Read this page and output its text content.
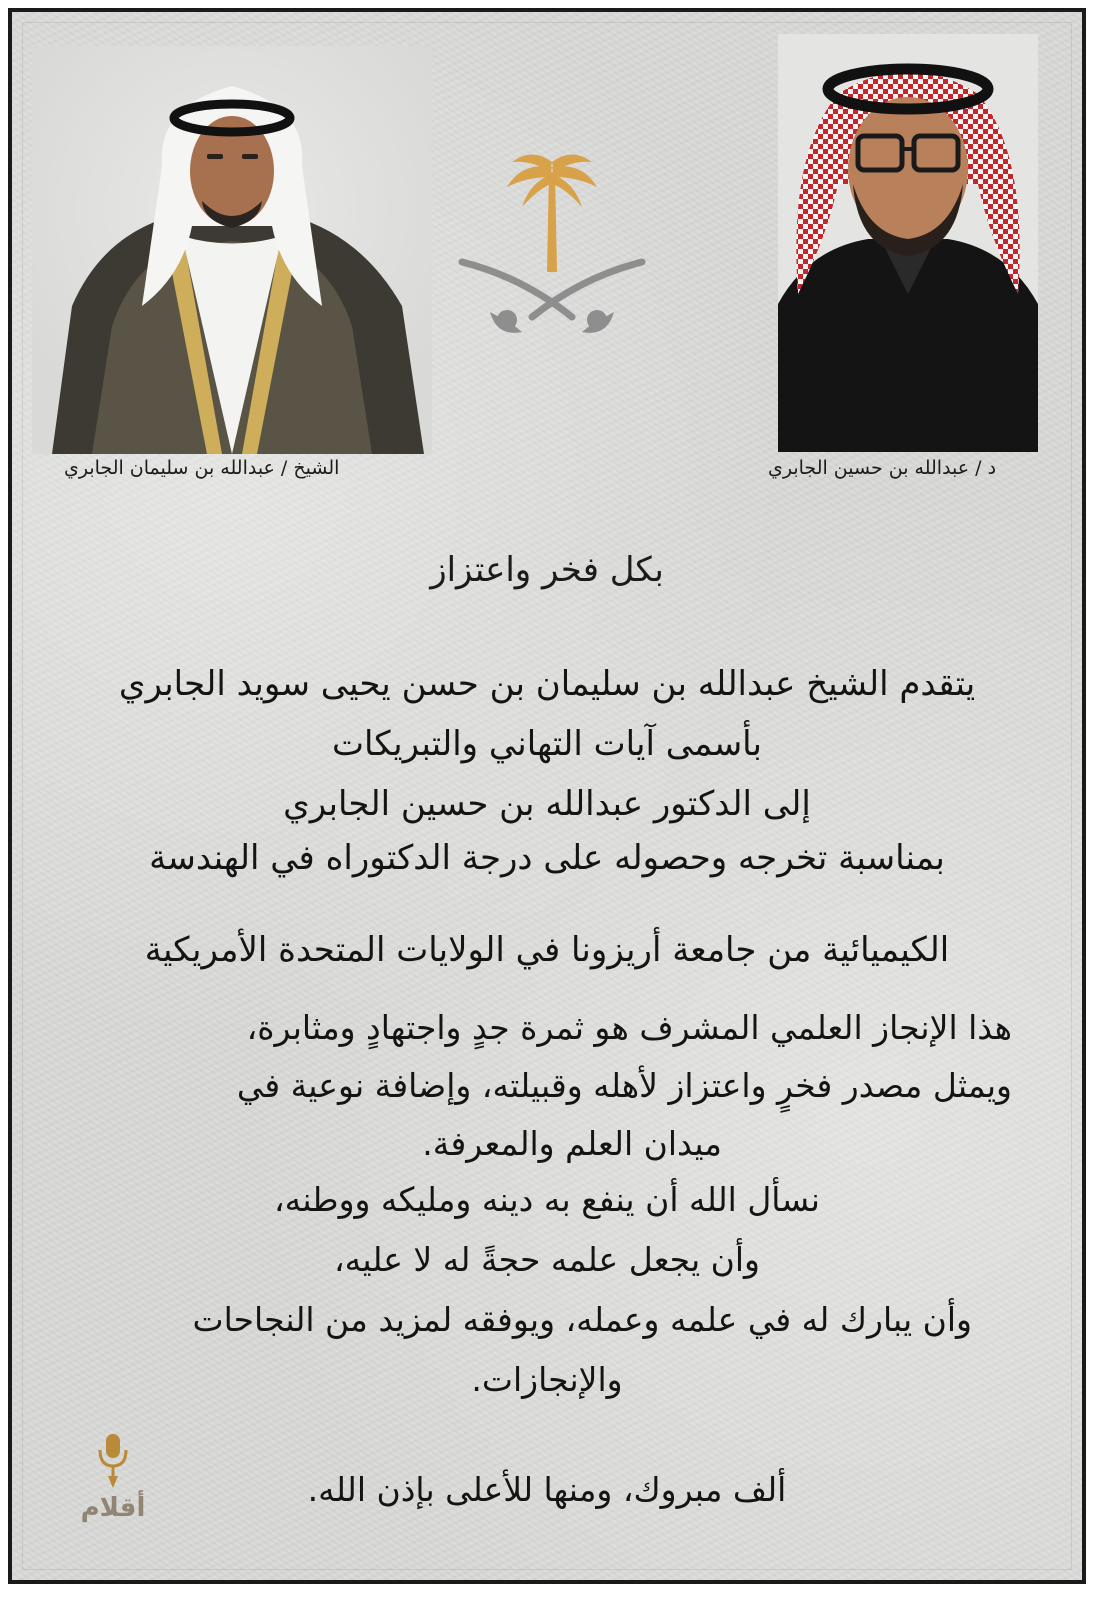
الشيخ / عبدالله بن سليمان الجابري	د / عبدالله بن حسين الجابري
بكل فخر واعتزاز
يتقدم الشيخ عبدالله بن سليمان بن حسن يحيى سويد الجابري
بأسمى آيات التهاني والتبريكات
إلى الدكتور عبدالله بن حسين الجابري
بمناسبة تخرجه وحصوله على درجة الدكتوراه في الهندسة
الكيميائية من جامعة أريزونا في الولايات المتحدة الأمريكية
هذا الإنجاز العلمي المشرف هو ثمرة جدٍ واجتهادٍ ومثابرة،
ويمثل مصدر فخرٍ واعتزاز لأهله وقبيلته، وإضافة نوعية في
ميدان العلم والمعرفة.
نسأل الله أن ينفع به دينه ومليكه ووطنه،
وأن يجعل علمه حجةً له لا عليه،
وأن يبارك له في علمه وعمله، ويوفقه لمزيد من النجاحات
والإنجازات.
ألف مبروك، ومنها للأعلى بإذن الله.
أقلام
